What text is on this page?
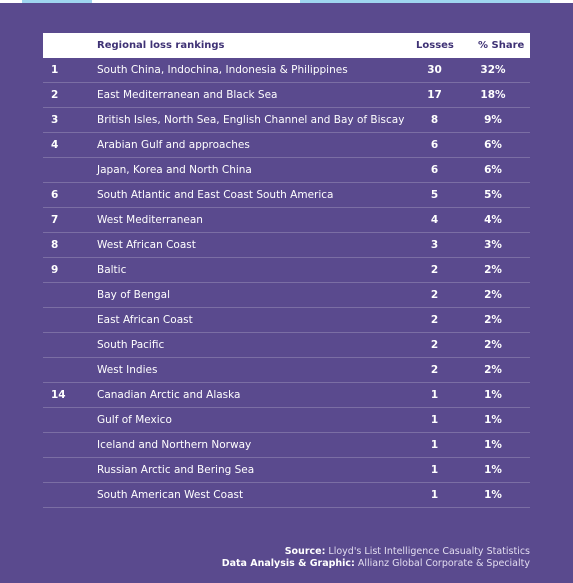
	Regional loss rankings	Losses	% Share
1	South China, Indochina, Indonesia & Philippines	30	32%
2	East Mediterranean and Black Sea	17	18%
3	British Isles, North Sea, English Channel and Bay of Biscay	8	9%
4	Arabian Gulf and approaches	6	6%
	Japan, Korea and North China	6	6%
6	South Atlantic and East Coast South America	5	5%
7	West Mediterranean	4	4%
8	West African Coast	3	3%
9	Baltic	2	2%
	Bay of Bengal	2	2%
	East African Coast	2	2%
	South Pacific	2	2%
	West Indies	2	2%
14	Canadian Arctic and Alaska	1	1%
	Gulf of Mexico	1	1%
	Iceland and Northern Norway	1	1%
	Russian Arctic and Bering Sea	1	1%
	South American West Coast	1	1%
Source: Lloyd's List Intelligence Casualty Statistics
Data Analysis & Graphic: Allianz Global Corporate & Specialty
